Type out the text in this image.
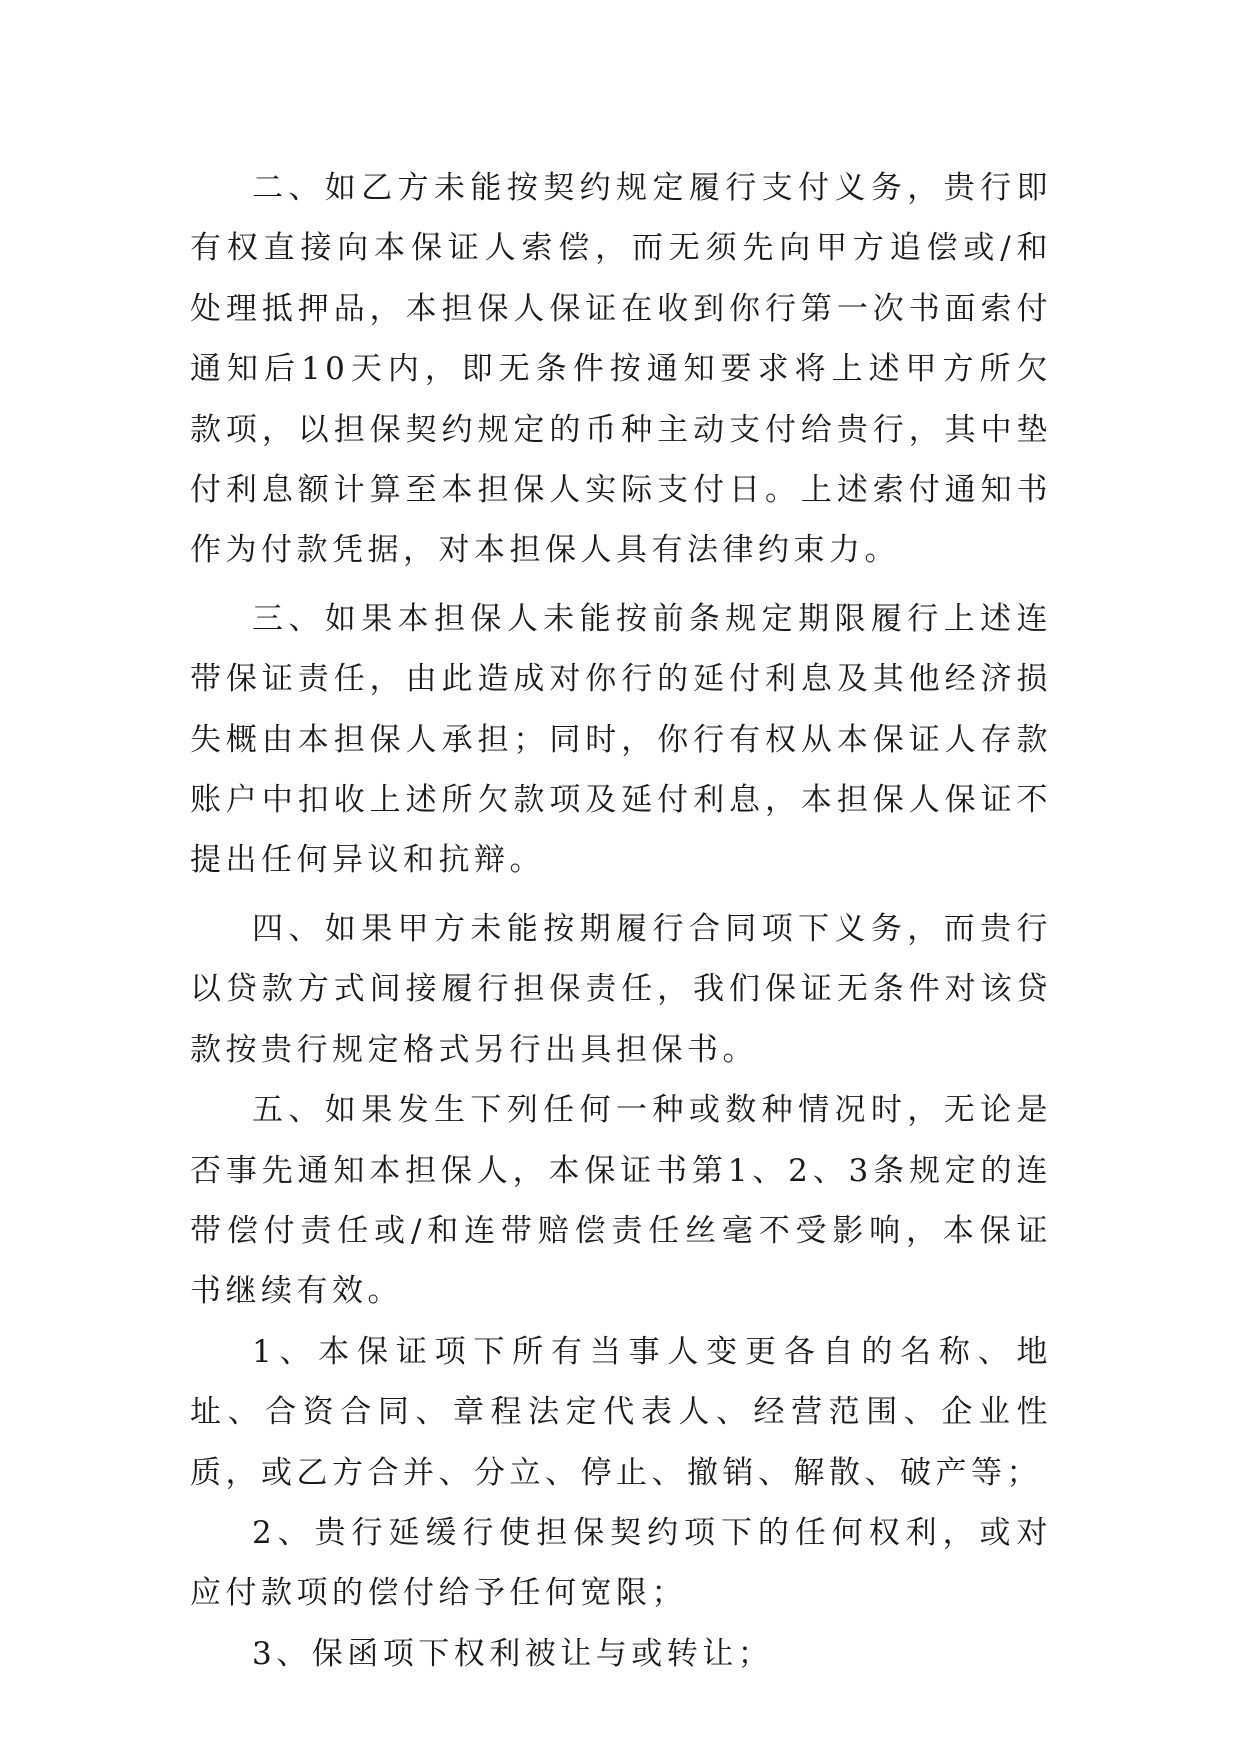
二、如乙方未能按契约规定履行支付义务，贵行即有权直接向本保证人索偿，而无须先向甲方追偿或/和处理抵押品，本担保人保证在收到你行第一次书面索付通知后10天内，即无条件按通知要求将上述甲方所欠款项，以担保契约规定的币种主动支付给贵行，其中垫付利息额计算至本担保人实际支付日。上述索付通知书作为付款凭据，对本担保人具有法律约束力。

三、如果本担保人未能按前条规定期限履行上述连带保证责任，由此造成对你行的延付利息及其他经济损失概由本担保人承担；同时，你行有权从本保证人存款账户中扣收上述所欠款项及延付利息，本担保人保证不提出任何异议和抗辩。

四、如果甲方未能按期履行合同项下义务，而贵行以贷款方式间接履行担保责任，我们保证无条件对该贷款按贵行规定格式另行出具担保书。

五、如果发生下列任何一种或数种情况时，无论是否事先通知本担保人，本保证书第1、2、3条规定的连带偿付责任或/和连带赔偿责任丝毫不受影响，本保证书继续有效。

1、本保证项下所有当事人变更各自的名称、地址、合资合同、章程法定代表人、经营范围、企业性质，或乙方合并、分立、停止、撤销、解散、破产等；

2、贵行延缓行使担保契约项下的任何权利，或对应付款项的偿付给予任何宽限；

3、保函项下权利被让与或转让；
